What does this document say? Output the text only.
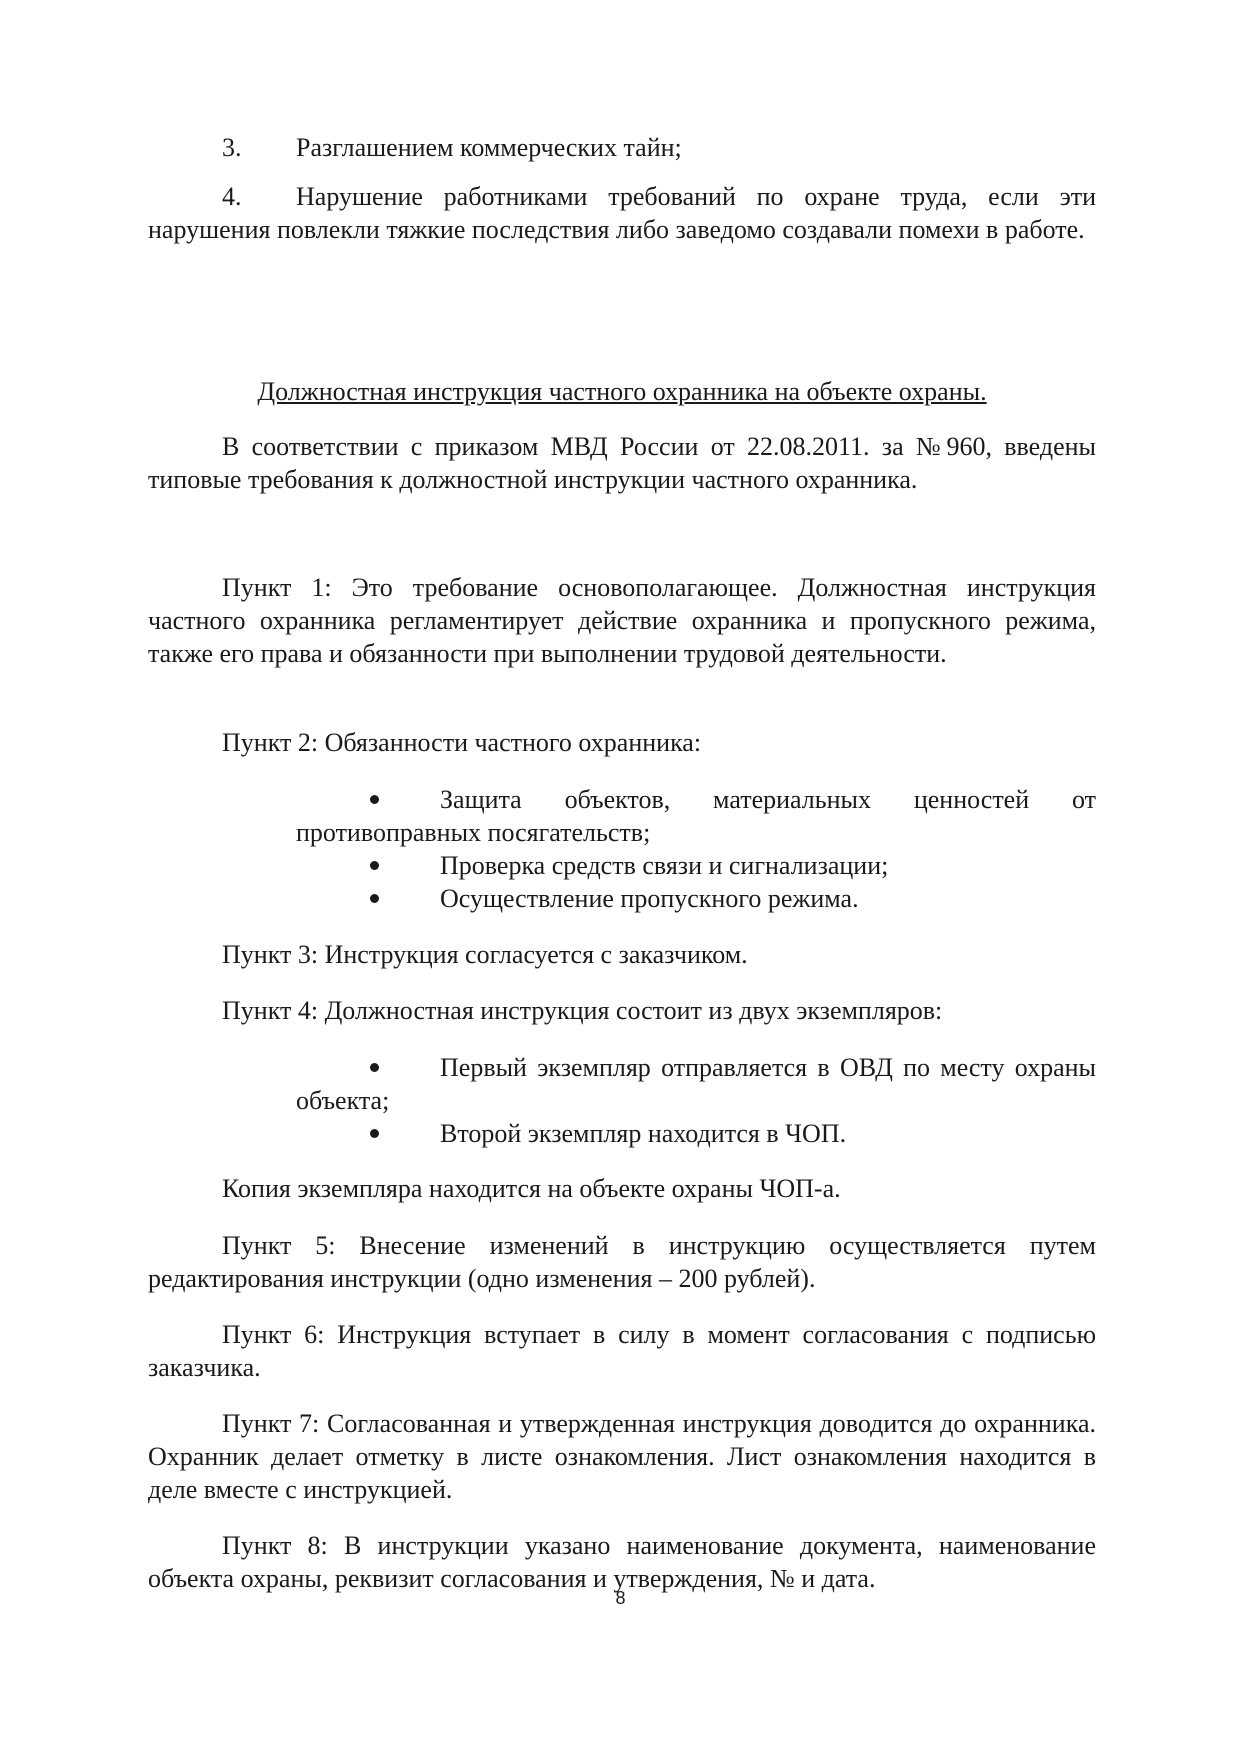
3. Разглашением коммерческих тайн;

4. Нарушение работниками требований по охране труда, если эти нарушения повлекли тяжкие последствия либо заведомо создавали помехи в работе.

Должностная инструкция частного охранника на объекте охраны.

В соответствии с приказом МВД России от 22.08.2011. за №960, введены типовые требования к должностной инструкции частного охранника.

Пункт 1: Это требование основополагающее. Должностная инструкция частного охранника регламентирует действие охранника и пропускного режима, также его права и обязанности при выполнении трудовой деятельности.

Пункт 2: Обязанности частного охранника:

Защита объектов, материальных ценностей от противоправных посягательств;

Проверка средств связи и сигнализации;

Осуществление пропускного режима.

Пункт 3: Инструкция согласуется с заказчиком.

Пункт 4: Должностная инструкция состоит из двух экземпляров:

Первый экземпляр отправляется в ОВД по месту охраны объекта;

Второй экземпляр находится в ЧОП.

Копия экземпляра находится на объекте охраны ЧОП-а.

Пункт 5: Внесение изменений в инструкцию осуществляется путем редактирования инструкции (одно изменения – 200 рублей).

Пункт 6: Инструкция вступает в силу в момент согласования с подписью заказчика.

Пункт 7: Согласованная и утвержденная инструкция доводится до охранника. Охранник делает отметку в листе ознакомления. Лист ознакомления находится в деле вместе с инструкцией.

Пункт 8: В инструкции указано наименование документа, наименование объекта охраны, реквизит согласования и утверждения, № и дата.

8
